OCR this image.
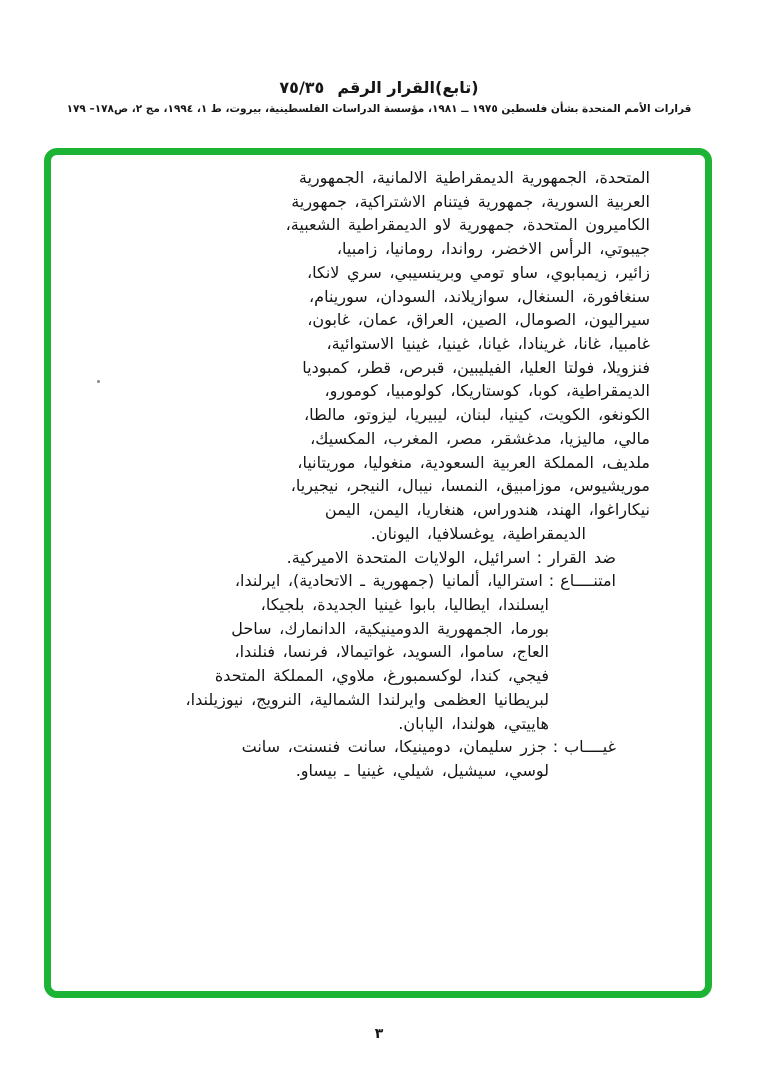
(تابع)القرار الرقم
٧٥/٣٥
قرارات الأمم المتحدة بشأن فلسطين ١٩٧٥ ــ ١٩٨١، مؤسسة الدراسات الفلسطينية، بيروت، ط ١، ١٩٩٤، مج ٢، ص١٧٨– ١٧٩
المتحدة، الجمهورية الديمقراطية الالمانية، الجمهورية
العربية السورية، جمهورية فيتنام الاشتراكية، جمهورية
الكاميرون المتحدة، جمهورية لاو الديمقراطية الشعبية،
جيبوتي، الرأس الاخضر، رواندا، رومانيا، زامبيا،
زائير، زيمبابوي، ساو تومي وبرينسيبي، سري لانكا،
سنغافورة، السنغال، سوازيلاند، السودان، سورينام،
سيراليون، الصومال، الصين، العراق، عمان، غابون،
غامبيا، غانا، غرينادا، غيانا، غينيا، غينيا الاستوائية،
فنزويلا، فولتا العليا، الفيليبين، قبرص، قطر، كمبوديا
الديمقراطية، كوبا، كوستاريكا، كولومبيا، كومورو،
الكونغو، الكويت، كينيا، لبنان، ليبيريا، ليزوتو، مالطا،
مالي، ماليزيا، مدغشقر، مصر، المغرب، المكسيك،
ملديف، المملكة العربية السعودية، منغوليا، موريتانيا،
موريشيوس، موزامبيق، النمسا، نيبال، النيجر، نيجيريا،
نيكاراغوا، الهند، هندوراس، هنغاريا، اليمن، اليمن
الديمقراطية، يوغسلافيا، اليونان.
ضد القرار:اسرائيل، الولايات المتحدة الاميركية.
امتنــــاع:استراليا، ألمانيا (جمهورية ـ الاتحادية)، ايرلندا،
ايسلندا، ايطاليا، بابوا غينيا الجديدة، بلجيكا،
بورما، الجمهورية الدومينيكية، الدانمارك، ساحل
العاج، ساموا، السويد، غواتيمالا، فرنسا، فنلندا،
فيجي، كندا، لوكسمبورغ، ملاوي، المملكة المتحدة
لبريطانيا العظمى وايرلندا الشمالية، النرويج، نيوزيلندا،
هاييتي، هولندا، اليابان.
غيــــاب:جزر سليمان، دومينيكا، سانت فنسنت، سانت
لوسي، سيشيل، شيلي، غينيا ـ بيساو.
٣
